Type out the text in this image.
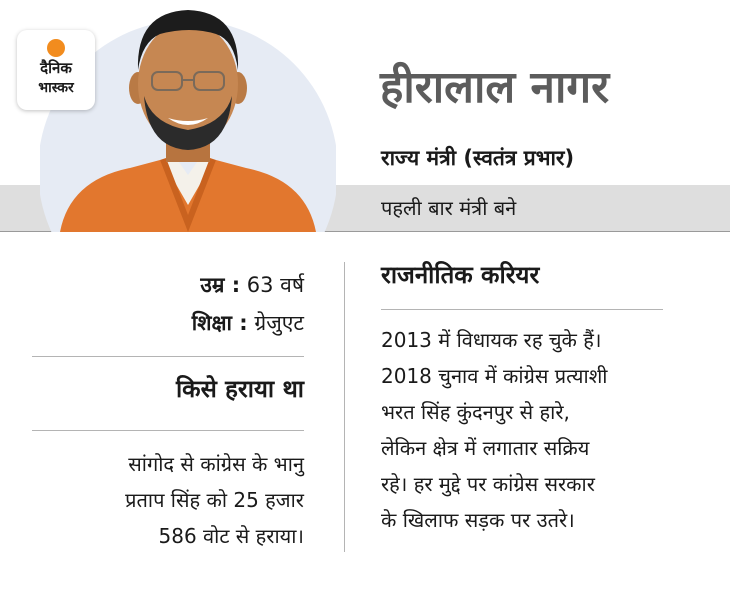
दैनिक
भास्कर	हीरालाल नागर
राज्य मंत्री (स्वतंत्र प्रभार)
पहली बार मंत्री बने
उम्र : 63 वर्ष
शिक्षा : ग्रेजुएट
किसे हराया था
सांगोद से कांग्रेस के भानु
प्रताप सिंह को 25 हजार
586 वोट से हराया।
राजनीतिक करियर
2013 में विधायक रह चुके हैं।
2018 चुनाव में कांग्रेस प्रत्याशी
भरत सिंह कुंदनपुर से हारे,
लेकिन क्षेत्र में लगातार सक्रिय
रहे। हर मुद्दे पर कांग्रेस सरकार
के खिलाफ सड़क पर उतरे।
